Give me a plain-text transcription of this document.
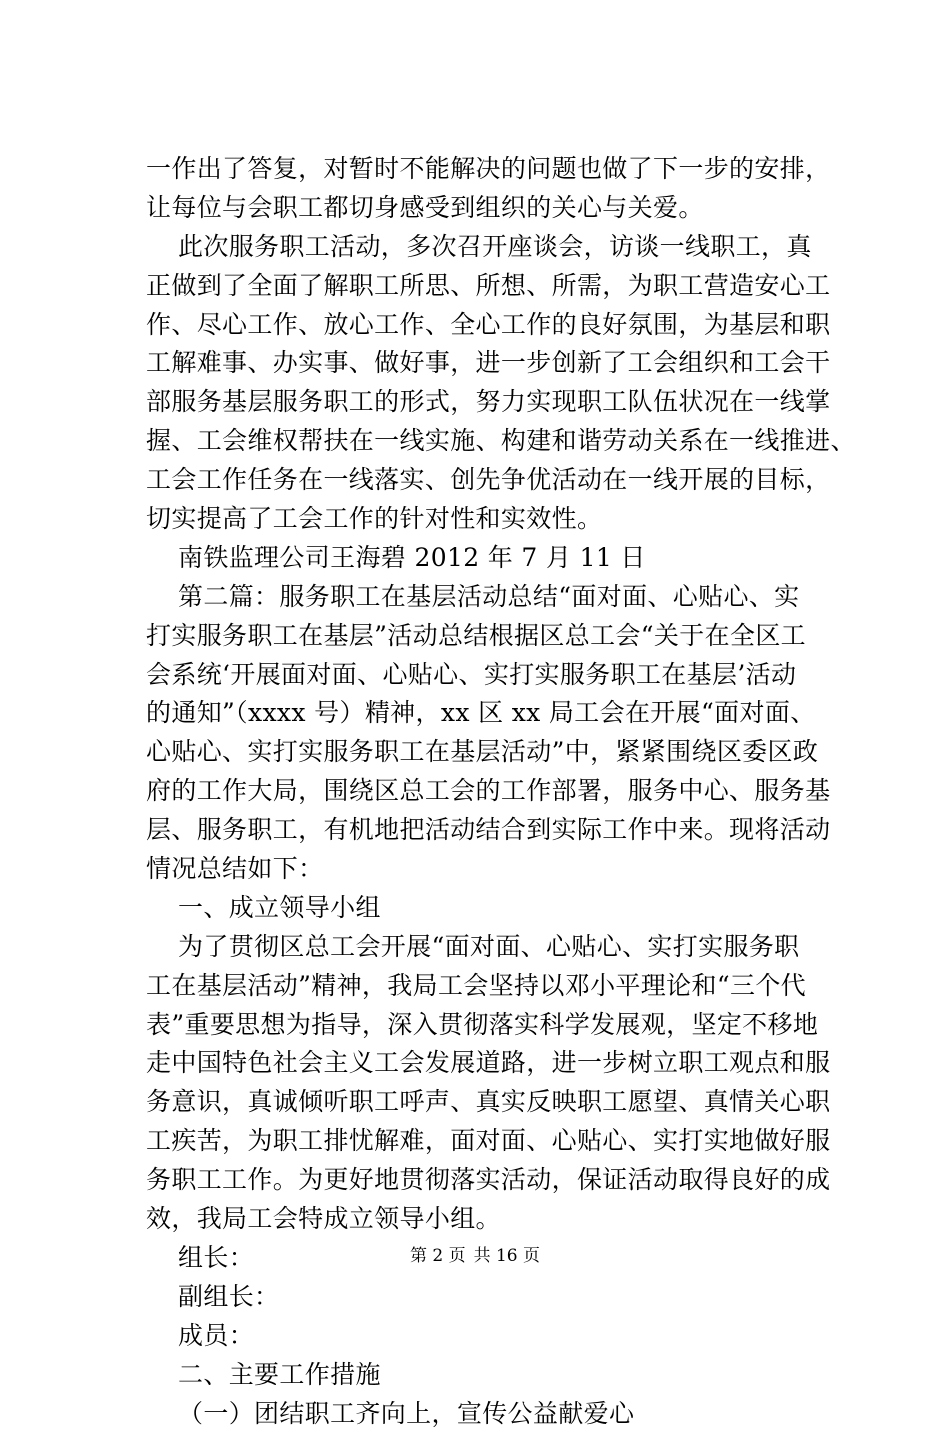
一作出了答复，对暂时不能解决的问题也做了下一步的安排，
让每位与会职工都切身感受到组织的关心与关爱。
此次服务职工活动，多次召开座谈会，访谈一线职工，真
正做到了全面了解职工所思、所想、所需，为职工营造安心工
作、尽心工作、放心工作、全心工作的良好氛围，为基层和职
工解难事、办实事、做好事，进一步创新了工会组织和工会干
部服务基层服务职工的形式，努力实现职工队伍状况在一线掌
握、工会维权帮扶在一线实施、构建和谐劳动关系在一线推进、
工会工作任务在一线落实、创先争优活动在一线开展的目标，
切实提高了工会工作的针对性和实效性。
南铁监理公司王海碧 2012 年 7 月 11 日
第二篇：服务职工在基层活动总结“面对面、心贴心、实
打实服务职工在基层”活动总结根据区总工会“关于在全区工
会系统‘开展面对面、心贴心、实打实服务职工在基层’活动
的通知”（xxxx 号）精神，xx 区 xx 局工会在开展“面对面、
心贴心、实打实服务职工在基层活动”中，紧紧围绕区委区政
府的工作大局，围绕区总工会的工作部署，服务中心、服务基
层、服务职工，有机地把活动结合到实际工作中来。现将活动
情况总结如下：
一、成立领导小组
为了贯彻区总工会开展“面对面、心贴心、实打实服务职
工在基层活动”精神，我局工会坚持以邓小平理论和“三个代
表”重要思想为指导，深入贯彻落实科学发展观，坚定不移地
走中国特色社会主义工会发展道路，进一步树立职工观点和服
务意识，真诚倾听职工呼声、真实反映职工愿望、真情关心职
工疾苦，为职工排忧解难，面对面、心贴心、实打实地做好服
务职工工作。为更好地贯彻落实活动，保证活动取得良好的成
效，我局工会特成立领导小组。
组长：
副组长：
成员：
二、主要工作措施
（一）团结职工齐向上，宣传公益献爱心
第 2 页 共 16 页
